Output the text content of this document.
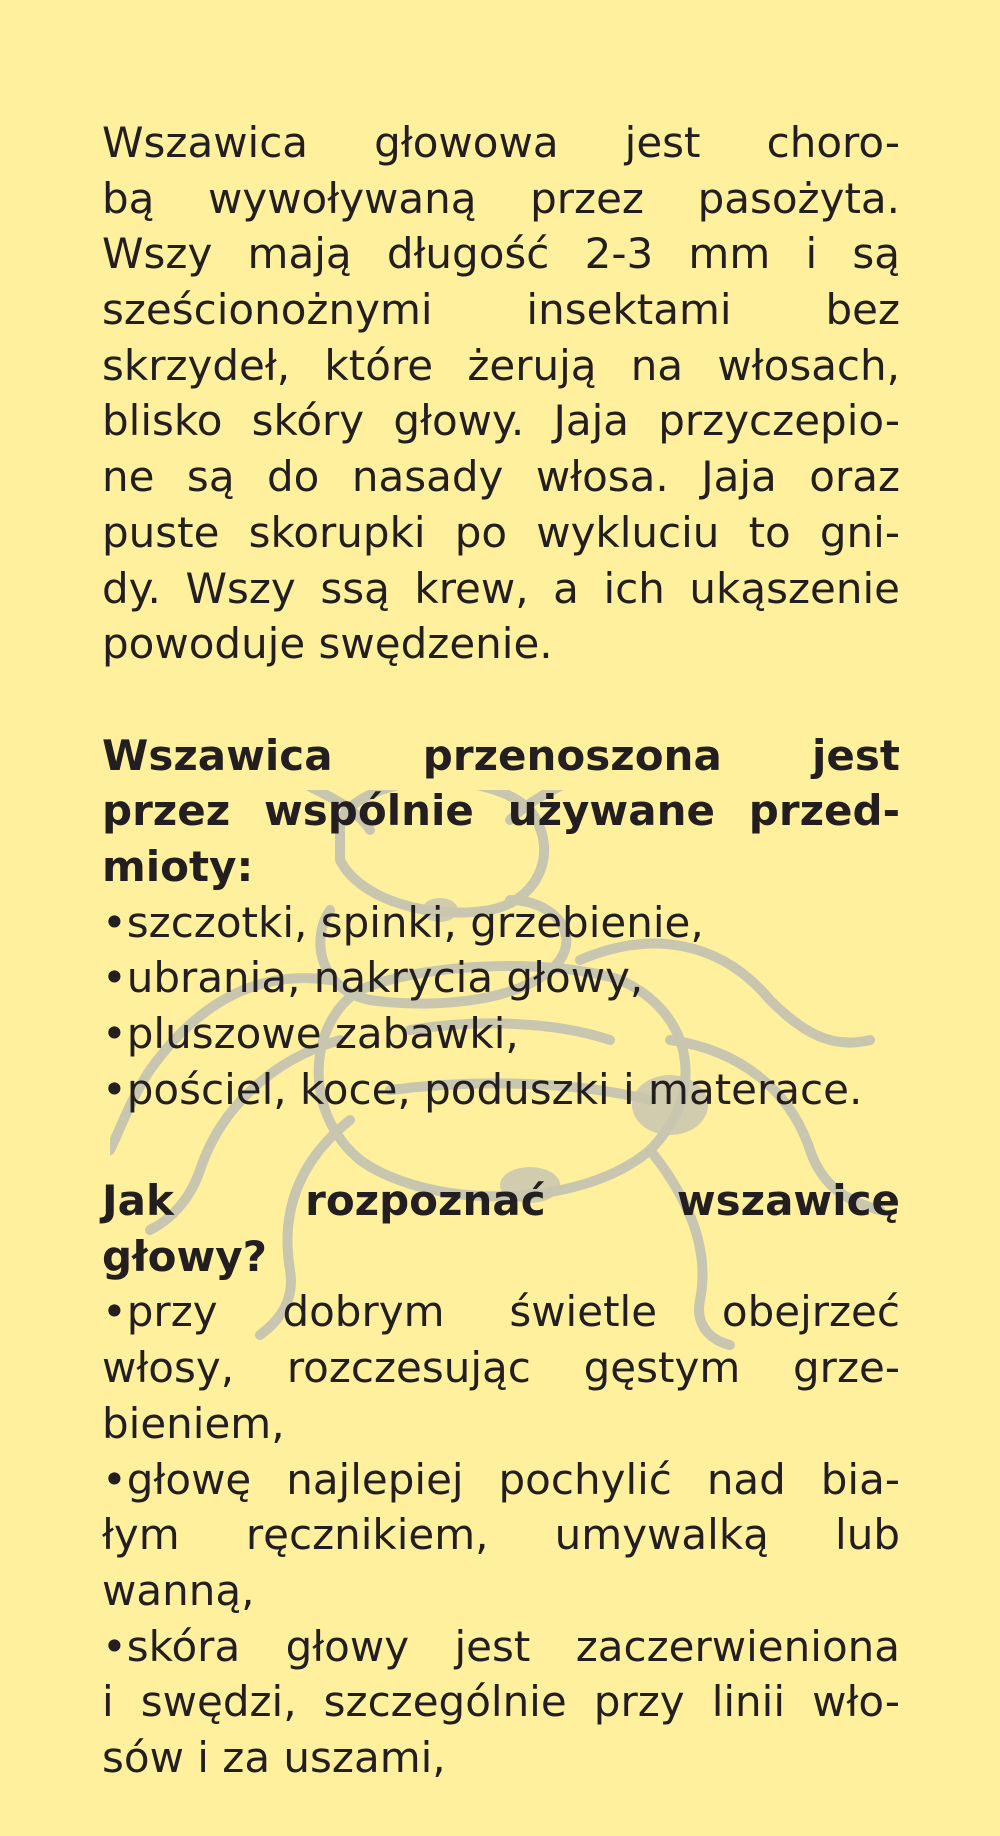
Wszawica głowowa jest choro-
bą wywoływaną przez pasożyta.
Wszy mają długość 2-3 mm i są
sześcionożnymi insektami bez
skrzydeł, które żerują na włosach,
blisko skóry głowy. Jaja przyczepio-
ne są do nasady włosa. Jaja oraz
puste skorupki po wykluciu to gni-
dy. Wszy ssą krew, a ich ukąszenie
powoduje swędzenie.
Wszawica przenoszona jest
przez wspólnie używane przed-
mioty:
•szczotki, spinki, grzebienie,
•ubrania, nakrycia głowy,
•pluszowe zabawki,
•pościel, koce, poduszki i materace.
Jak rozpoznać wszawicę
głowy?
•przy dobrym świetle obejrzeć
włosy, rozczesując gęstym grze-
bieniem,
•głowę najlepiej pochylić nad bia-
łym ręcznikiem, umywalką lub
wanną,
•skóra głowy jest zaczerwieniona
i swędzi, szczególnie przy linii wło-
sów i za uszami,
